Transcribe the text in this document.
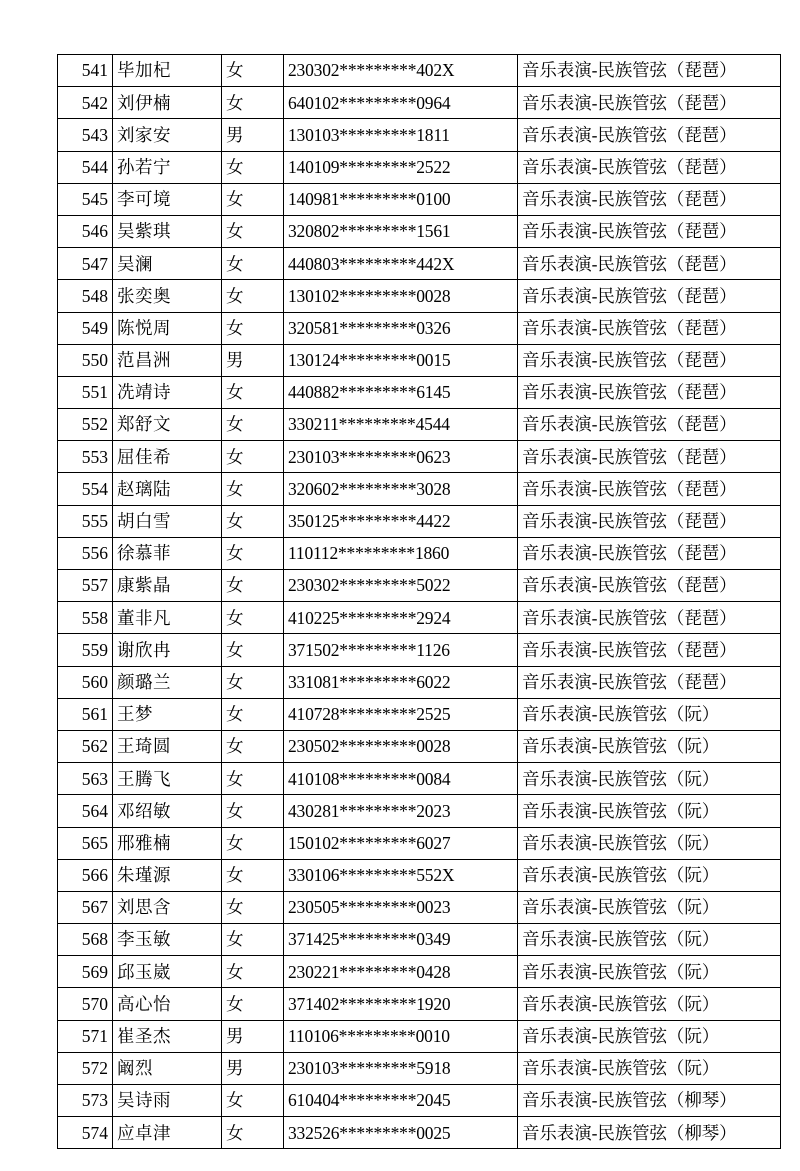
541	毕加杞	女	230302*********402X	音乐表演-民族管弦（琵琶）
542	刘伊楠	女	640102*********0964	音乐表演-民族管弦（琵琶）
543	刘家安	男	130103*********1811	音乐表演-民族管弦（琵琶）
544	孙若宁	女	140109*********2522	音乐表演-民族管弦（琵琶）
545	李可境	女	140981*********0100	音乐表演-民族管弦（琵琶）
546	吴紫琪	女	320802*********1561	音乐表演-民族管弦（琵琶）
547	吴澜	女	440803*********442X	音乐表演-民族管弦（琵琶）
548	张奕奥	女	130102*********0028	音乐表演-民族管弦（琵琶）
549	陈悦周	女	320581*********0326	音乐表演-民族管弦（琵琶）
550	范昌洲	男	130124*********0015	音乐表演-民族管弦（琵琶）
551	冼靖诗	女	440882*********6145	音乐表演-民族管弦（琵琶）
552	郑舒文	女	330211*********4544	音乐表演-民族管弦（琵琶）
553	屈佳希	女	230103*********0623	音乐表演-民族管弦（琵琶）
554	赵璃陆	女	320602*********3028	音乐表演-民族管弦（琵琶）
555	胡白雪	女	350125*********4422	音乐表演-民族管弦（琵琶）
556	徐慕菲	女	110112*********1860	音乐表演-民族管弦（琵琶）
557	康紫晶	女	230302*********5022	音乐表演-民族管弦（琵琶）
558	董非凡	女	410225*********2924	音乐表演-民族管弦（琵琶）
559	谢欣冉	女	371502*********1126	音乐表演-民族管弦（琵琶）
560	颜璐兰	女	331081*********6022	音乐表演-民族管弦（琵琶）
561	王梦	女	410728*********2525	音乐表演-民族管弦（阮）
562	王琦圆	女	230502*********0028	音乐表演-民族管弦（阮）
563	王腾飞	女	410108*********0084	音乐表演-民族管弦（阮）
564	邓绍敏	女	430281*********2023	音乐表演-民族管弦（阮）
565	邢雅楠	女	150102*********6027	音乐表演-民族管弦（阮）
566	朱瑾源	女	330106*********552X	音乐表演-民族管弦（阮）
567	刘思含	女	230505*********0023	音乐表演-民族管弦（阮）
568	李玉敏	女	371425*********0349	音乐表演-民族管弦（阮）
569	邱玉崴	女	230221*********0428	音乐表演-民族管弦（阮）
570	高心怡	女	371402*********1920	音乐表演-民族管弦（阮）
571	崔圣杰	男	110106*********0010	音乐表演-民族管弦（阮）
572	阚烈	男	230103*********5918	音乐表演-民族管弦（阮）
573	吴诗雨	女	610404*********2045	音乐表演-民族管弦（柳琴）
574	应卓津	女	332526*********0025	音乐表演-民族管弦（柳琴）
